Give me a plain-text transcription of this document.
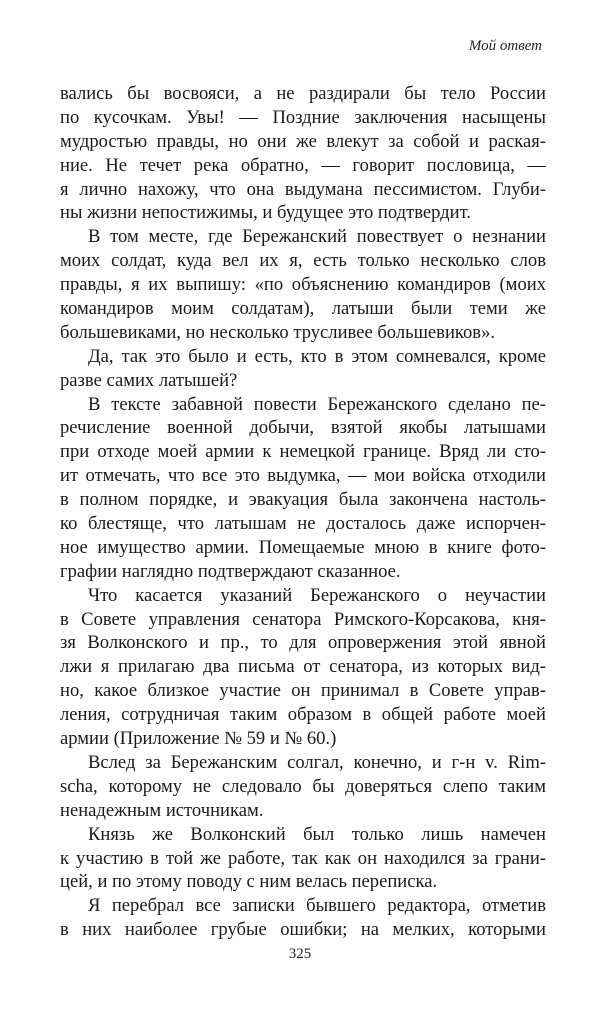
Мой ответ
вались бы восвояси, а не раздирали бы тело России
по кусочкам. Увы! — Поздние заключения насыщены
мудростью правды, но они же влекут за собой и раская-
ние. Не течет река обратно, — говорит пословица, —
я лично нахожу, что она выдумана пессимистом. Глуби-
ны жизни непостижимы, и будущее это подтвердит.
В том месте, где Бережанский повествует о незнании
моих солдат, куда вел их я, есть только несколько слов
правды, я их выпишу: «по объяснению командиров (моих
командиров моим солдатам), латыши были теми же
большевиками, но несколько трусливее большевиков».
Да, так это было и есть, кто в этом сомневался, кроме
разве самих латышей?
В тексте забавной повести Бережанского сделано пе-
речисление военной добычи, взятой якобы латышами
при отходе моей армии к немецкой границе. Вряд ли сто-
ит отмечать, что все это выдумка, — мои войска отходили
в полном порядке, и эвакуация была закончена настоль-
ко блестяще, что латышам не досталось даже испорчен-
ное имущество армии. Помещаемые мною в книге фото-
графии наглядно подтверждают сказанное.
Что касается указаний Бережанского о неучастии
в Совете управления сенатора Римского-Корсакова, кня-
зя Волконского и пр., то для опровержения этой явной
лжи я прилагаю два письма от сенатора, из которых вид-
но, какое близкое участие он принимал в Совете управ-
ления, сотрудничая таким образом в общей работе моей
армии (Приложение № 59 и № 60.)
Вслед за Бережанским солгал, конечно, и г-н v. Rim-
scha, которому не следовало бы доверяться слепо таким
ненадежным источникам.
Князь же Волконский был только лишь намечен
к участию в той же работе, так как он находился за грани-
цей, и по этому поводу с ним велась переписка.
Я перебрал все записки бывшего редактора, отметив
в них наиболее грубые ошибки; на мелких, которыми
325
